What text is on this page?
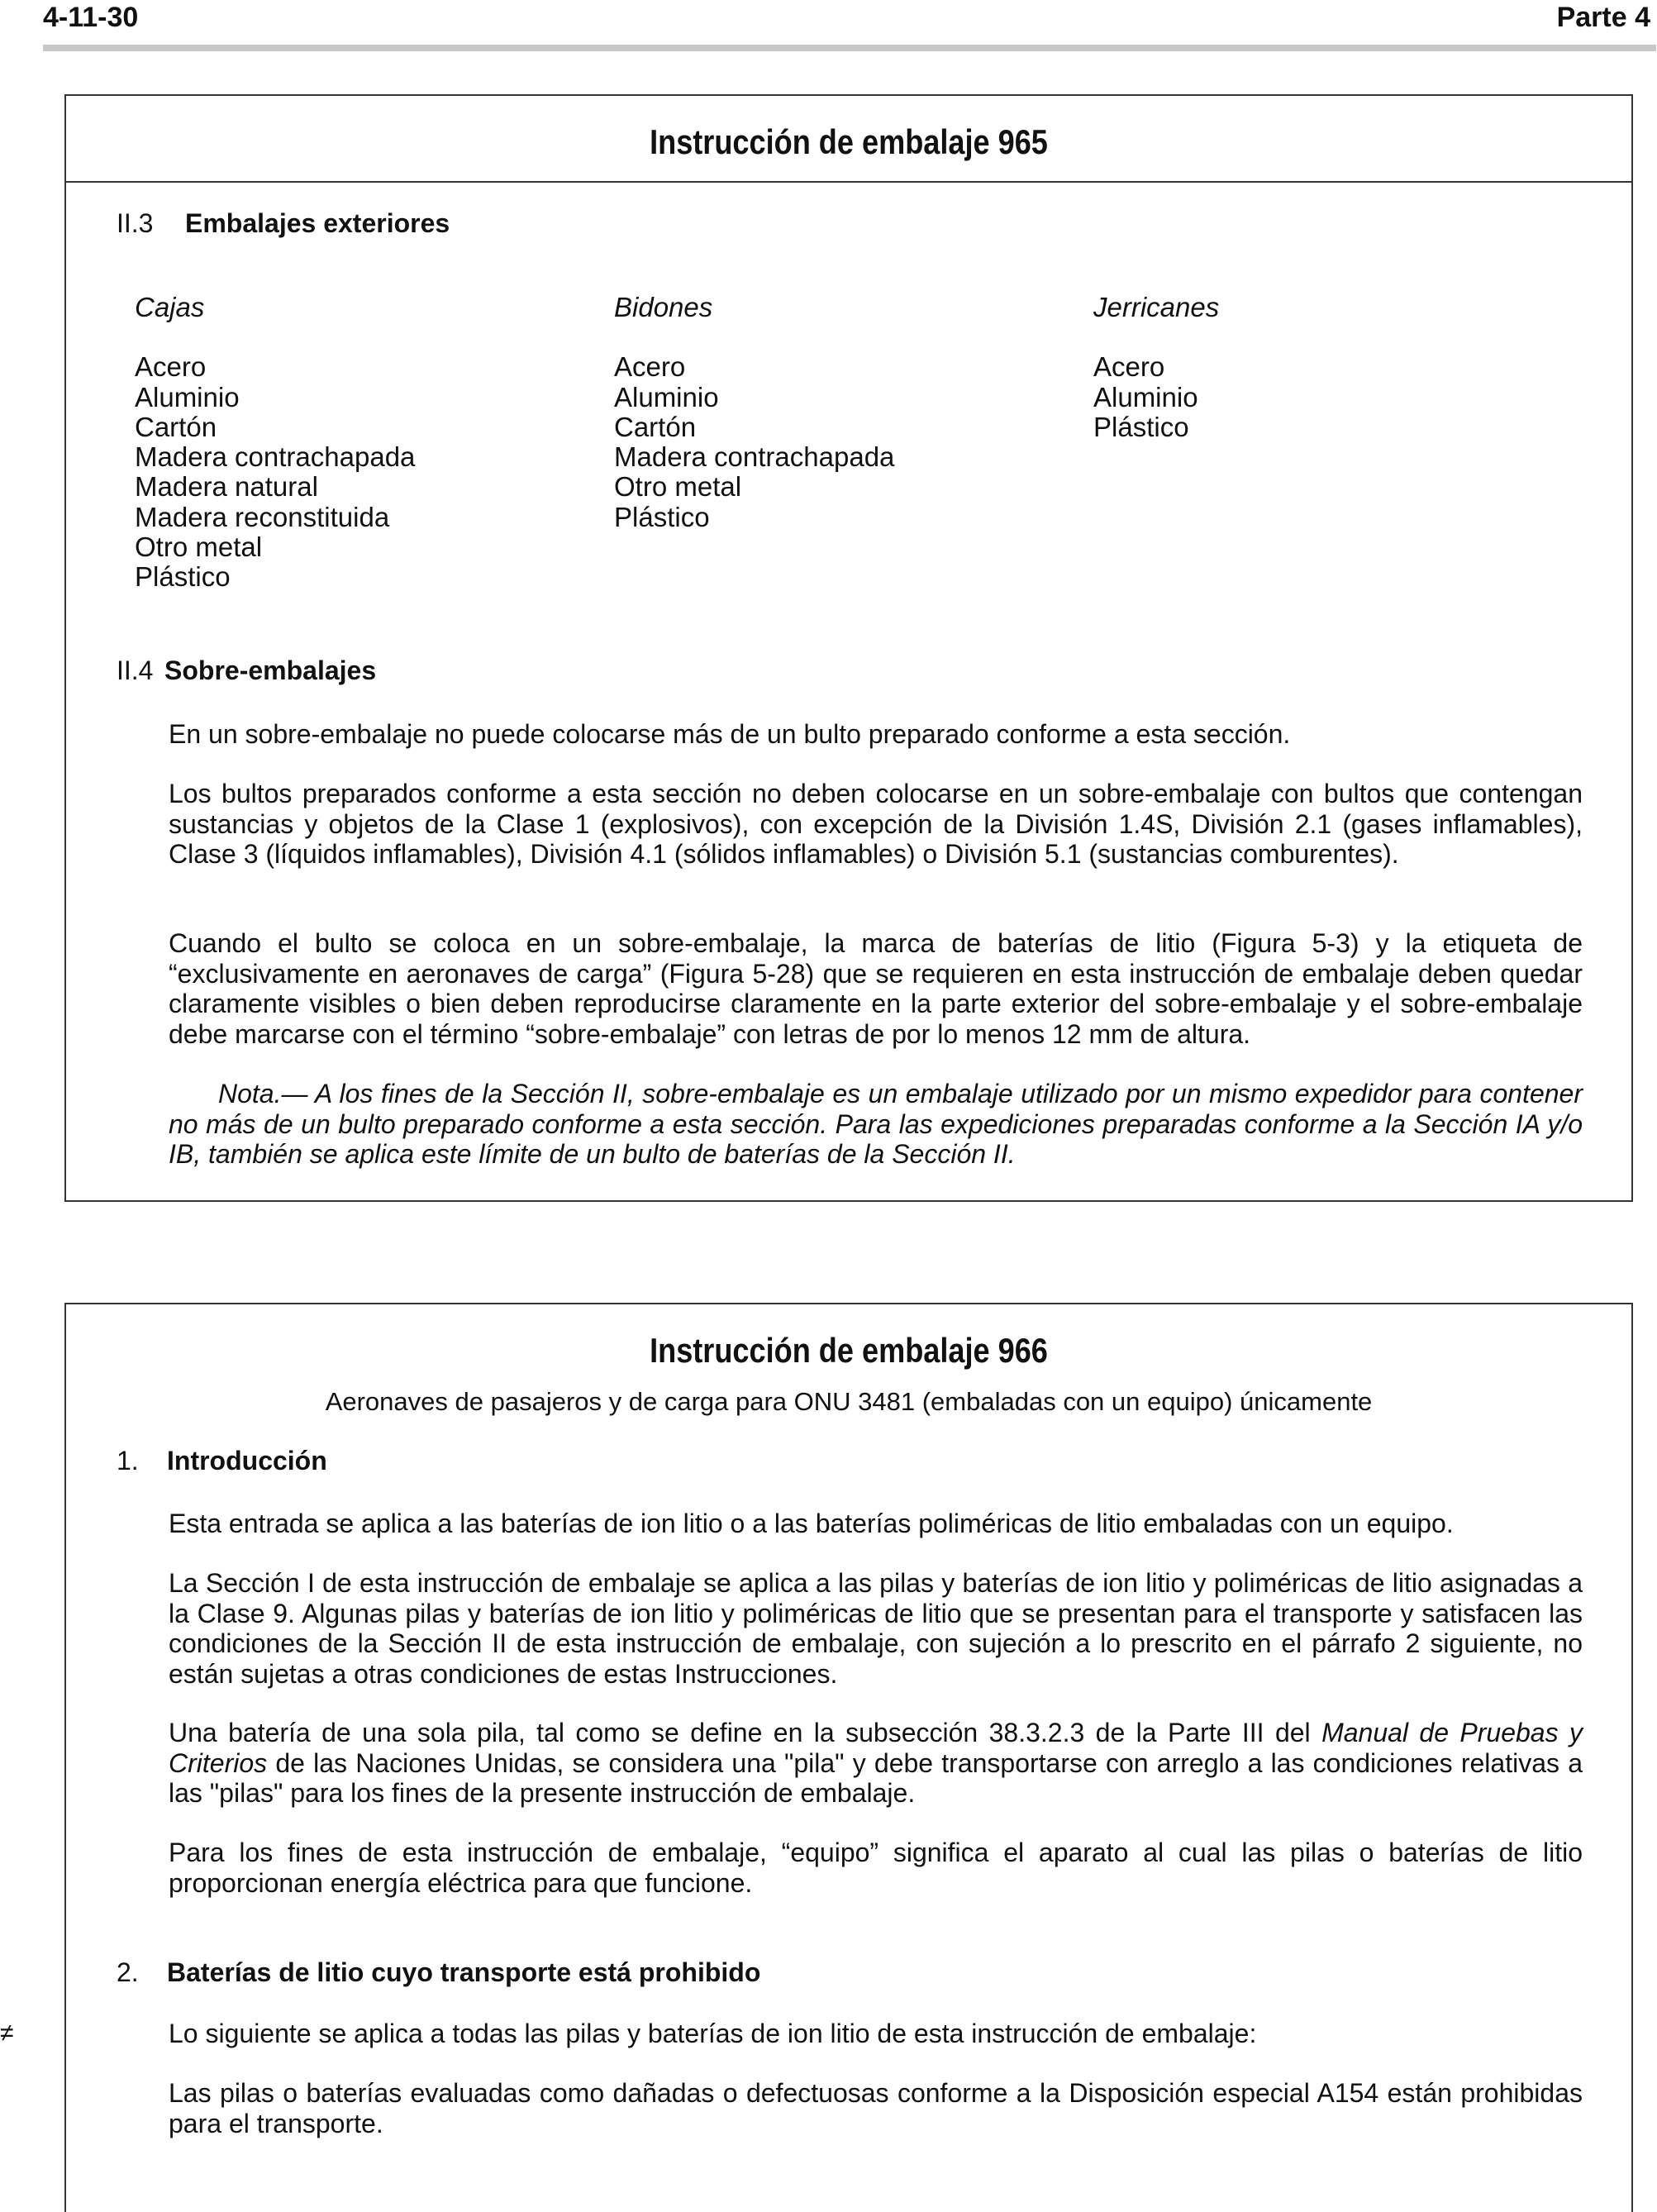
4-11-30	Parte 4
Instrucción de embalaje 965
II.3 Embalajes exteriores
Cajas
Acero
Aluminio
Cartón
Madera contrachapada
Madera natural
Madera reconstituida
Otro metal
Plástico
Bidones
Acero
Aluminio
Cartón
Madera contrachapada
Otro metal
Plástico
Jerricanes
Acero
Aluminio
Plástico
II.4 Sobre-embalajes
En un sobre-embalaje no puede colocarse más de un bulto preparado conforme a esta sección.
Los bultos preparados conforme a esta sección no deben colocarse en un sobre-embalaje con bultos que contengan sustancias y objetos de la Clase 1 (explosivos), con excepción de la División 1.4S, División 2.1 (gases inflamables), Clase 3 (líquidos inflamables), División 4.1 (sólidos inflamables) o División 5.1 (sustancias comburentes).
Cuando el bulto se coloca en un sobre-embalaje, la marca de baterías de litio (Figura 5-3) y la etiqueta de “exclusivamente en aeronaves de carga” (Figura 5-28) que se requieren en esta instrucción de embalaje deben quedar claramente visibles o bien deben reproducirse claramente en la parte exterior del sobre-embalaje y el sobre-embalaje debe marcarse con el término “sobre-embalaje” con letras de por lo menos 12 mm de altura.
Nota.— A los fines de la Sección II, sobre-embalaje es un embalaje utilizado por un mismo expedidor para contener no más de un bulto preparado conforme a esta sección. Para las expediciones preparadas conforme a la Sección IA y/o IB, también se aplica este límite de un bulto de baterías de la Sección II.
Instrucción de embalaje 966
Aeronaves de pasajeros y de carga para ONU 3481 (embaladas con un equipo) únicamente
1. Introducción
Esta entrada se aplica a las baterías de ion litio o a las baterías poliméricas de litio embaladas con un equipo.
La Sección I de esta instrucción de embalaje se aplica a las pilas y baterías de ion litio y poliméricas de litio asignadas a la Clase 9. Algunas pilas y baterías de ion litio y poliméricas de litio que se presentan para el transporte y satisfacen las condiciones de la Sección II de esta instrucción de embalaje, con sujeción a lo prescrito en el párrafo 2 siguiente, no están sujetas a otras condiciones de estas Instrucciones.
Una batería de una sola pila, tal como se define en la subsección 38.3.2.3 de la Parte III del Manual de Pruebas y Criterios de las Naciones Unidas, se considera una "pila" y debe transportarse con arreglo a las condiciones relativas a las "pilas" para los fines de la presente instrucción de embalaje.
Para los fines de esta instrucción de embalaje, “equipo” significa el aparato al cual las pilas o baterías de litio proporcionan energía eléctrica para que funcione.
2. Baterías de litio cuyo transporte está prohibido
Lo siguiente se aplica a todas las pilas y baterías de ion litio de esta instrucción de embalaje:
Las pilas o baterías evaluadas como dañadas o defectuosas conforme a la Disposición especial A154 están prohibidas para el transporte.
≠
